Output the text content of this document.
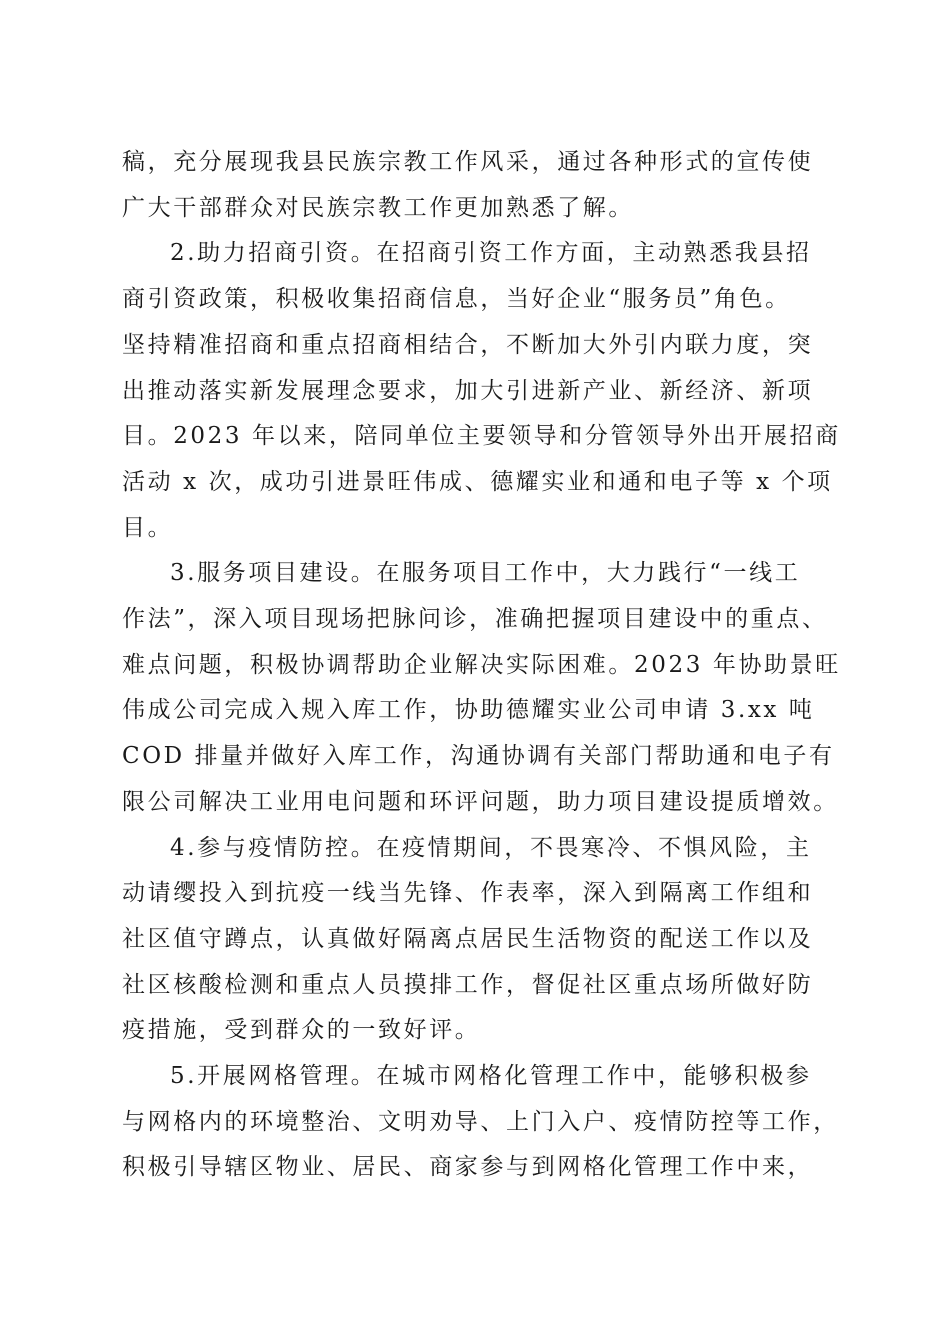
稿，充分展现我县民族宗教工作风采，通过各种形式的宣传使
广大干部群众对民族宗教工作更加熟悉了解。

2.助力招商引资。在招商引资工作方面，主动熟悉我县招
商引资政策，积极收集招商信息，当好企业“服务员”角色。
坚持精准招商和重点招商相结合，不断加大外引内联力度，突
出推动落实新发展理念要求，加大引进新产业、新经济、新项
目。2023 年以来，陪同单位主要领导和分管领导外出开展招商
活动 x 次，成功引进景旺伟成、德耀实业和通和电子等 x 个项
目。

3.服务项目建设。在服务项目工作中，大力践行“一线工
作法”，深入项目现场把脉问诊，准确把握项目建设中的重点、
难点问题，积极协调帮助企业解决实际困难。2023 年协助景旺
伟成公司完成入规入库工作，协助德耀实业公司申请 3.xx 吨
COD 排量并做好入库工作，沟通协调有关部门帮助通和电子有
限公司解决工业用电问题和环评问题，助力项目建设提质增效。

4.参与疫情防控。在疫情期间，不畏寒冷、不惧风险，主
动请缨投入到抗疫一线当先锋、作表率，深入到隔离工作组和
社区值守蹲点，认真做好隔离点居民生活物资的配送工作以及
社区核酸检测和重点人员摸排工作，督促社区重点场所做好防
疫措施，受到群众的一致好评。

5.开展网格管理。在城市网格化管理工作中，能够积极参
与网格内的环境整治、文明劝导、上门入户、疫情防控等工作，
积极引导辖区物业、居民、商家参与到网格化管理工作中来，
